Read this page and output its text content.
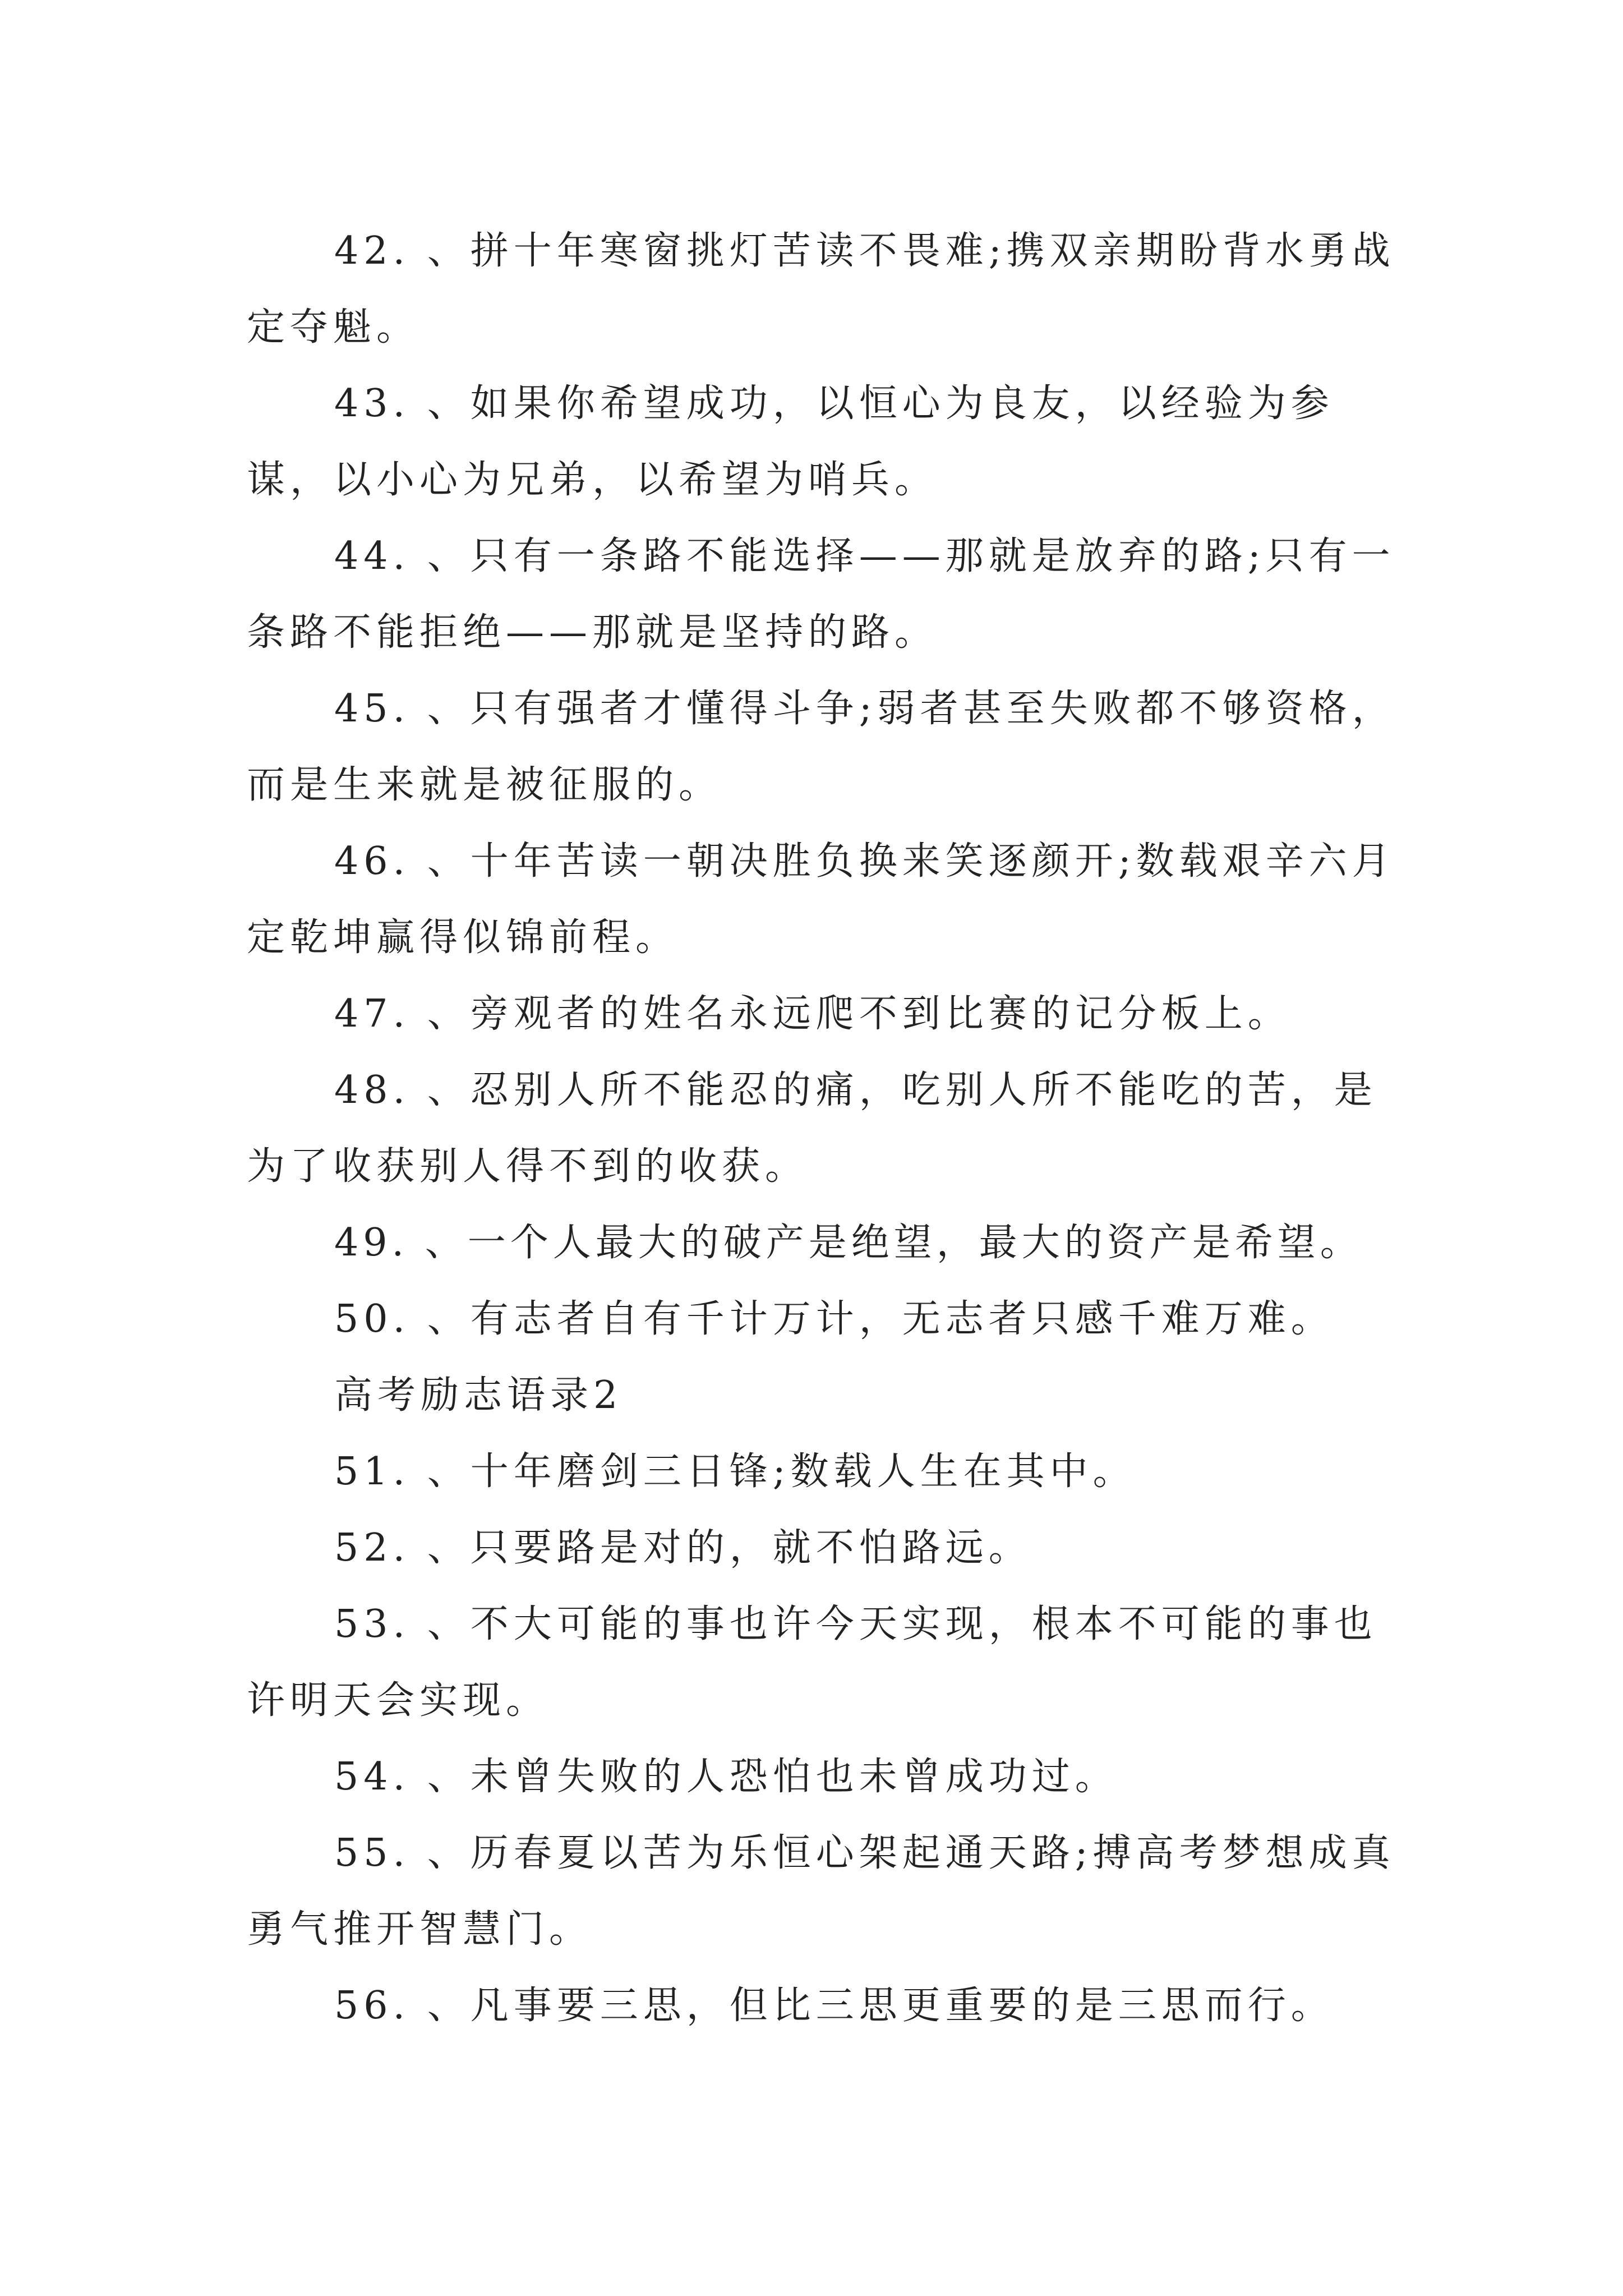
42. 、拼十年寒窗挑灯苦读不畏难;携双亲期盼背水勇战定夺魁。

43. 、如果你希望成功，以恒心为良友，以经验为参谋，以小心为兄弟，以希望为哨兵。

44. 、只有一条路不能选择——那就是放弃的路;只有一条路不能拒绝——那就是坚持的路。

45. 、只有强者才懂得斗争;弱者甚至失败都不够资格，而是生来就是被征服的。

46. 、十年苦读一朝决胜负换来笑逐颜开;数载艰辛六月定乾坤赢得似锦前程。

47. 、旁观者的姓名永远爬不到比赛的记分板上。

48. 、忍别人所不能忍的痛，吃别人所不能吃的苦，是为了收获别人得不到的收获。

49. 、一个人最大的破产是绝望，最大的资产是希望。

50. 、有志者自有千计万计，无志者只感千难万难。

高考励志语录2

51. 、十年磨剑三日锋;数载人生在其中。

52. 、只要路是对的，就不怕路远。

53. 、不大可能的事也许今天实现，根本不可能的事也许明天会实现。

54. 、未曾失败的人恐怕也未曾成功过。

55. 、历春夏以苦为乐恒心架起通天路;搏高考梦想成真勇气推开智慧门。

56. 、凡事要三思，但比三思更重要的是三思而行。
